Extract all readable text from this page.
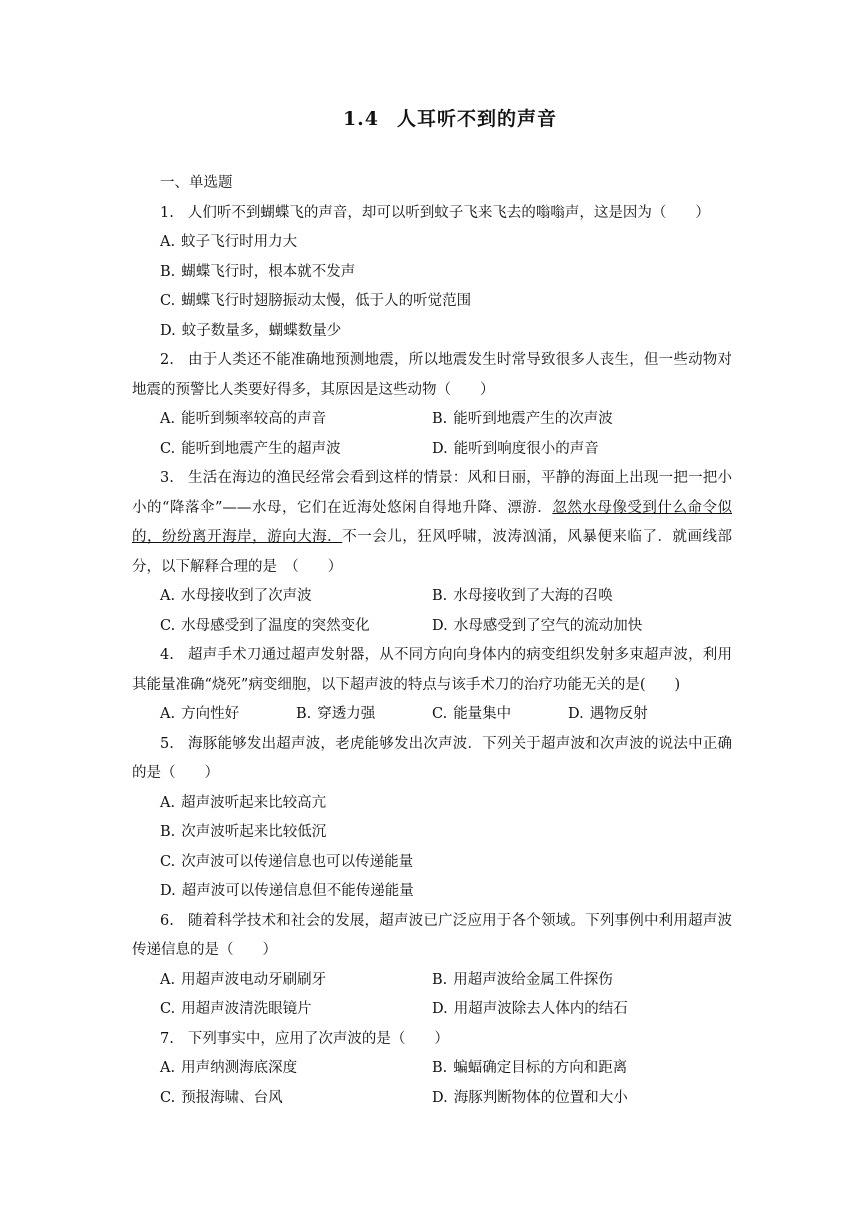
1.4 人耳听不到的声音
一、单选题
1. 人们听不到蝴蝶飞的声音，却可以听到蚊子飞来飞去的嗡嗡声，这是因为（　　）
A. 蚊子飞行时用力大
B. 蝴蝶飞行时，根本就不发声
C. 蝴蝶飞行时翅膀振动太慢，低于人的听觉范围
D. 蚊子数量多，蝴蝶数量少
2. 由于人类还不能准确地预测地震，所以地震发生时常导致很多人丧生，但一些动物对地震的预警比人类要好得多，其原因是这些动物（　　）
A. 能听到频率较高的声音	B. 能听到地震产生的次声波
C. 能听到地震产生的超声波	D. 能听到响度很小的声音
3. 生活在海边的渔民经常会看到这样的情景：风和日丽，平静的海面上出现一把一把小小的“降落伞”——水母，它们在近海处悠闲自得地升降、漂游．忽然水母像受到什么命令似的，纷纷离开海岸，游向大海．不一会儿，狂风呼啸，波涛汹涌，风暴便来临了．就画线部分，以下解释合理的是　（　　）
A. 水母接收到了次声波	B. 水母接收到了大海的召唤
C. 水母感受到了温度的突然变化	D. 水母感受到了空气的流动加快
4. 超声手术刀通过超声发射器，从不同方向向身体内的病变组织发射多束超声波，利用其能量准确“烧死”病变细胞，以下超声波的特点与该手术刀的治疗功能无关的是(　　)
A. 方向性好	B. 穿透力强	C. 能量集中	D. 遇物反射
5. 海豚能够发出超声波，老虎能够发出次声波．下列关于超声波和次声波的说法中正确的是（　　）
A. 超声波听起来比较高亢
B. 次声波听起来比较低沉
C. 次声波可以传递信息也可以传递能量
D. 超声波可以传递信息但不能传递能量
6. 随着科学技术和社会的发展，超声波已广泛应用于各个领域。下列事例中利用超声波传递信息的是（　　）
A. 用超声波电动牙刷刷牙	B. 用超声波给金属工件探伤
C. 用超声波清洗眼镜片	D. 用超声波除去人体内的结石
7. 下列事实中，应用了次声波的是（　　）
A. 用声纳测海底深度	B. 蝙蝠确定目标的方向和距离
C. 预报海啸、台风	D. 海豚判断物体的位置和大小
